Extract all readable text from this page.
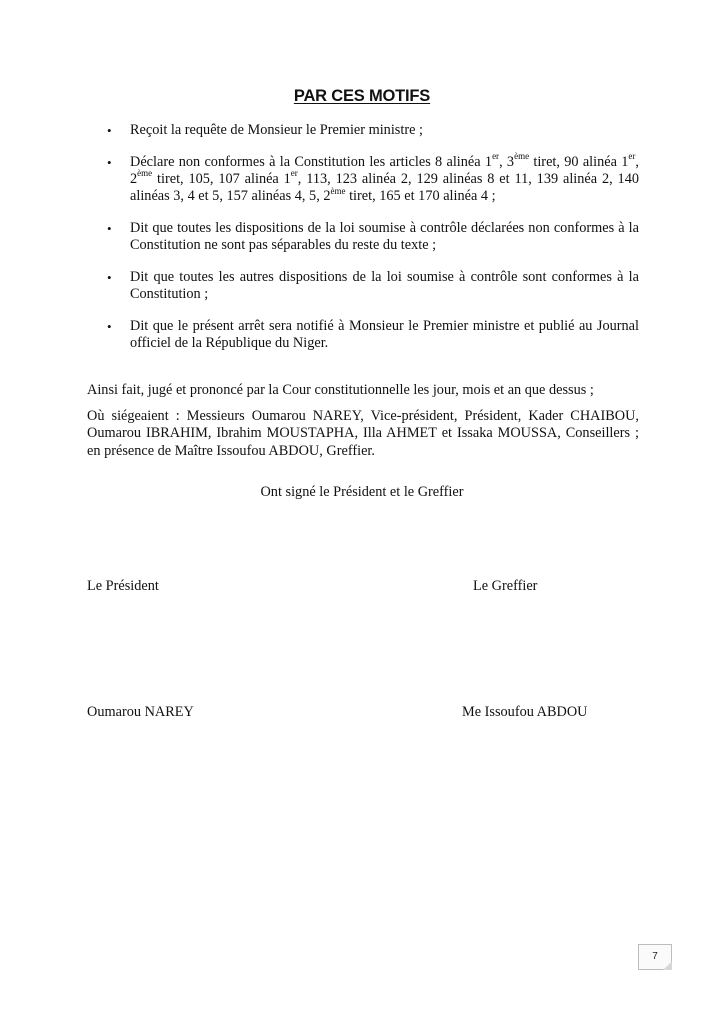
PAR CES MOTIFS
• Reçoit la requête de Monsieur le Premier ministre ;
• Déclare non conformes à la Constitution les articles 8 alinéa 1er, 3ème tiret, 90 alinéa 1er, 2ème tiret, 105, 107 alinéa 1er, 113, 123 alinéa 2, 129 alinéas 8 et 11, 139 alinéa 2, 140 alinéas 3, 4 et 5, 157 alinéas 4, 5, 2ème tiret, 165 et 170 alinéa 4 ;
• Dit que toutes les dispositions de la loi soumise à contrôle déclarées non conformes à la Constitution ne sont pas séparables du reste du texte ;
• Dit que toutes les autres dispositions de la loi soumise à contrôle sont conformes à la Constitution ;
• Dit que le présent arrêt sera notifié à Monsieur le Premier ministre et publié au Journal officiel de la République du Niger.

Ainsi fait, jugé et prononcé par la Cour constitutionnelle les jour, mois et an que dessus ;

Où siégeaient : Messieurs Oumarou NAREY, Vice-président, Président, Kader CHAIBOU, Oumarou IBRAHIM, Ibrahim MOUSTAPHA, Illa AHMET et Issaka MOUSSA, Conseillers ; en présence de Maître Issoufou ABDOU, Greffier.

Ont signé le Président et le Greffier
Le Président	Le Greffier
Oumarou NAREY	Me Issoufou ABDOU
7
